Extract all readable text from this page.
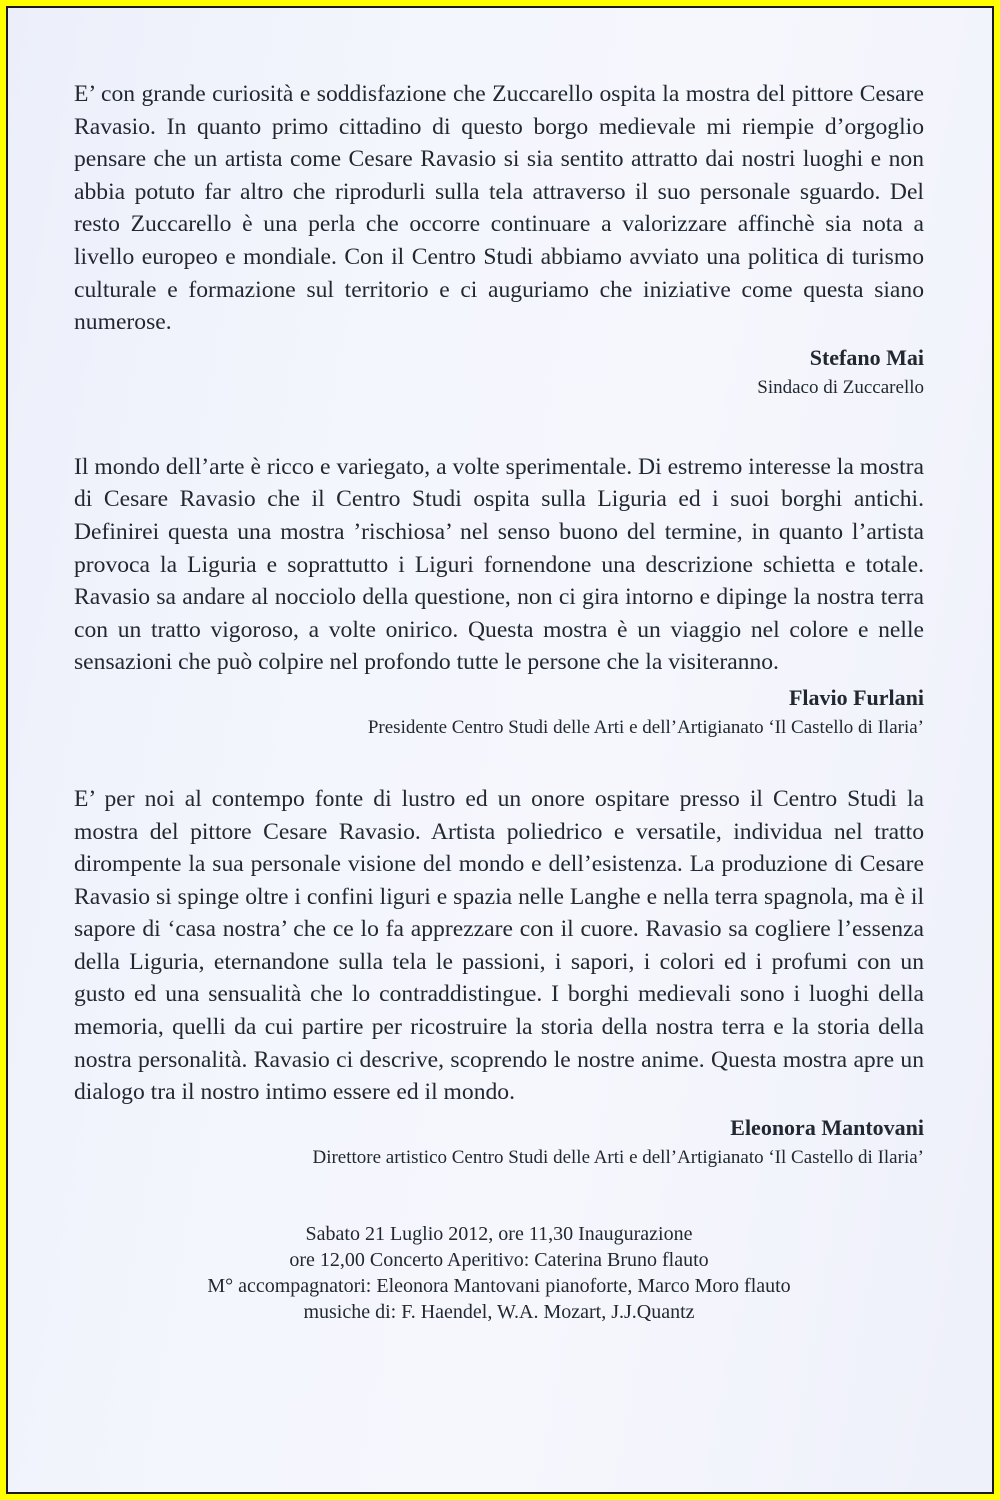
E’ con grande curiosità e soddisfazione che Zuccarello ospita la mostra del pittore Cesare Ravasio. In quanto primo cittadino di questo borgo medievale mi riempie d’orgoglio pensare che un artista come Cesare Ravasio si sia sentito attratto dai nostri luoghi e non abbia potuto far altro che riprodurli sulla tela attraverso il suo personale sguardo. Del resto Zuccarello è una perla che occorre continuare a valorizzare affinchè sia nota a livello europeo e mondiale. Con il Centro Studi abbiamo avviato una politica di turismo culturale e formazione sul territorio e ci auguriamo che iniziative come questa siano numerose.

Stefano Mai

Sindaco di Zuccarello

Il mondo dell’arte è ricco e variegato, a volte sperimentale. Di estremo interesse la mostra di Cesare Ravasio che il Centro Studi ospita sulla Liguria ed i suoi borghi antichi. Definirei questa una mostra ’rischiosa’ nel senso buono del termine, in quanto l’artista provoca la Liguria e soprattutto i Liguri fornendone una descrizione schietta e totale. Ravasio sa andare al nocciolo della questione, non ci gira intorno e dipinge la nostra terra con un tratto vigoroso, a volte onirico. Questa mostra è un viaggio nel colore e nelle sensazioni che può colpire nel profondo tutte le persone che la visiteranno.

Flavio Furlani

Presidente Centro Studi delle Arti e dell’Artigianato ‘Il Castello di Ilaria’

E’ per noi al contempo fonte di lustro ed un onore ospitare presso il Centro Studi la mostra del pittore Cesare Ravasio. Artista poliedrico e versatile, individua nel tratto dirompente la sua personale visione del mondo e dell’esistenza. La produzione di Cesare Ravasio si spinge oltre i confini liguri e spazia nelle Langhe e nella terra spagnola, ma è il sapore di ‘casa nostra’ che ce lo fa apprezzare con il cuore. Ravasio sa cogliere l’essenza della Liguria, eternandone sulla tela le passioni, i sapori, i colori ed i profumi con un gusto ed una sensualità che lo contraddistingue. I borghi medievali sono i luoghi della memoria, quelli da cui partire per ricostruire la storia della nostra terra e la storia della nostra personalità. Ravasio ci descrive, scoprendo le nostre anime. Questa mostra apre un dialogo tra il nostro intimo essere ed il mondo.

Eleonora Mantovani

Direttore artistico Centro Studi delle Arti e dell’Artigianato ‘Il Castello di Ilaria’

Sabato 21 Luglio 2012, ore 11,30 Inaugurazione
ore 12,00 Concerto Aperitivo: Caterina Bruno flauto
M° accompagnatori: Eleonora Mantovani pianoforte, Marco Moro flauto
musiche di: F. Haendel, W.A. Mozart, J.J.Quantz
